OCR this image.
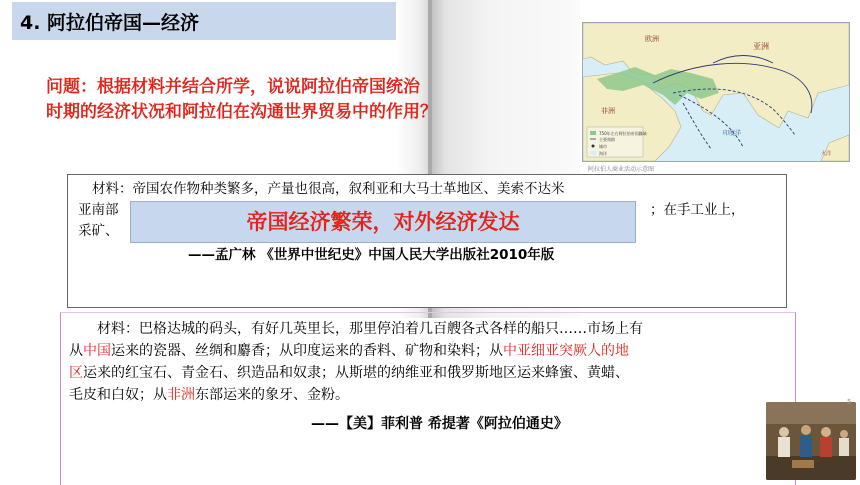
4. 阿拉伯帝国—经济
问题：根据材料并结合所学，说说阿拉伯帝国统治
时期的经济状况和阿拉伯在沟通世界贸易中的作用？
750年左右阿拉伯帝国疆域
主要商路
城市
海洋
欧洲
亚洲
非洲
印度洋
大洋
阿拉伯人商业活动示意图
材料：帝国农作物种类繁多，产量也很高，叙利亚和大马士革地区、美索不达米
亚南部	；在手工业上，
采矿、
——孟广林 《世界中世纪史》中国人民大学出版社2010年版
帝国经济繁荣，对外经济发达
材料：巴格达城的码头，有好几英里长，那里停泊着几百艘各式各样的船只……市场上有
从中国运来的瓷器、丝绸和麝香；从印度运来的香料、矿物和染料；从中亚细亚突厥人的地
区运来的红宝石、青金石、织造品和奴隶；从斯堪的纳维亚和俄罗斯地区运来蜂蜜、黄蜡、
毛皮和白奴；从非洲东部运来的象牙、金粉。
——【美】菲利普 希提著《阿拉伯通史》
5
